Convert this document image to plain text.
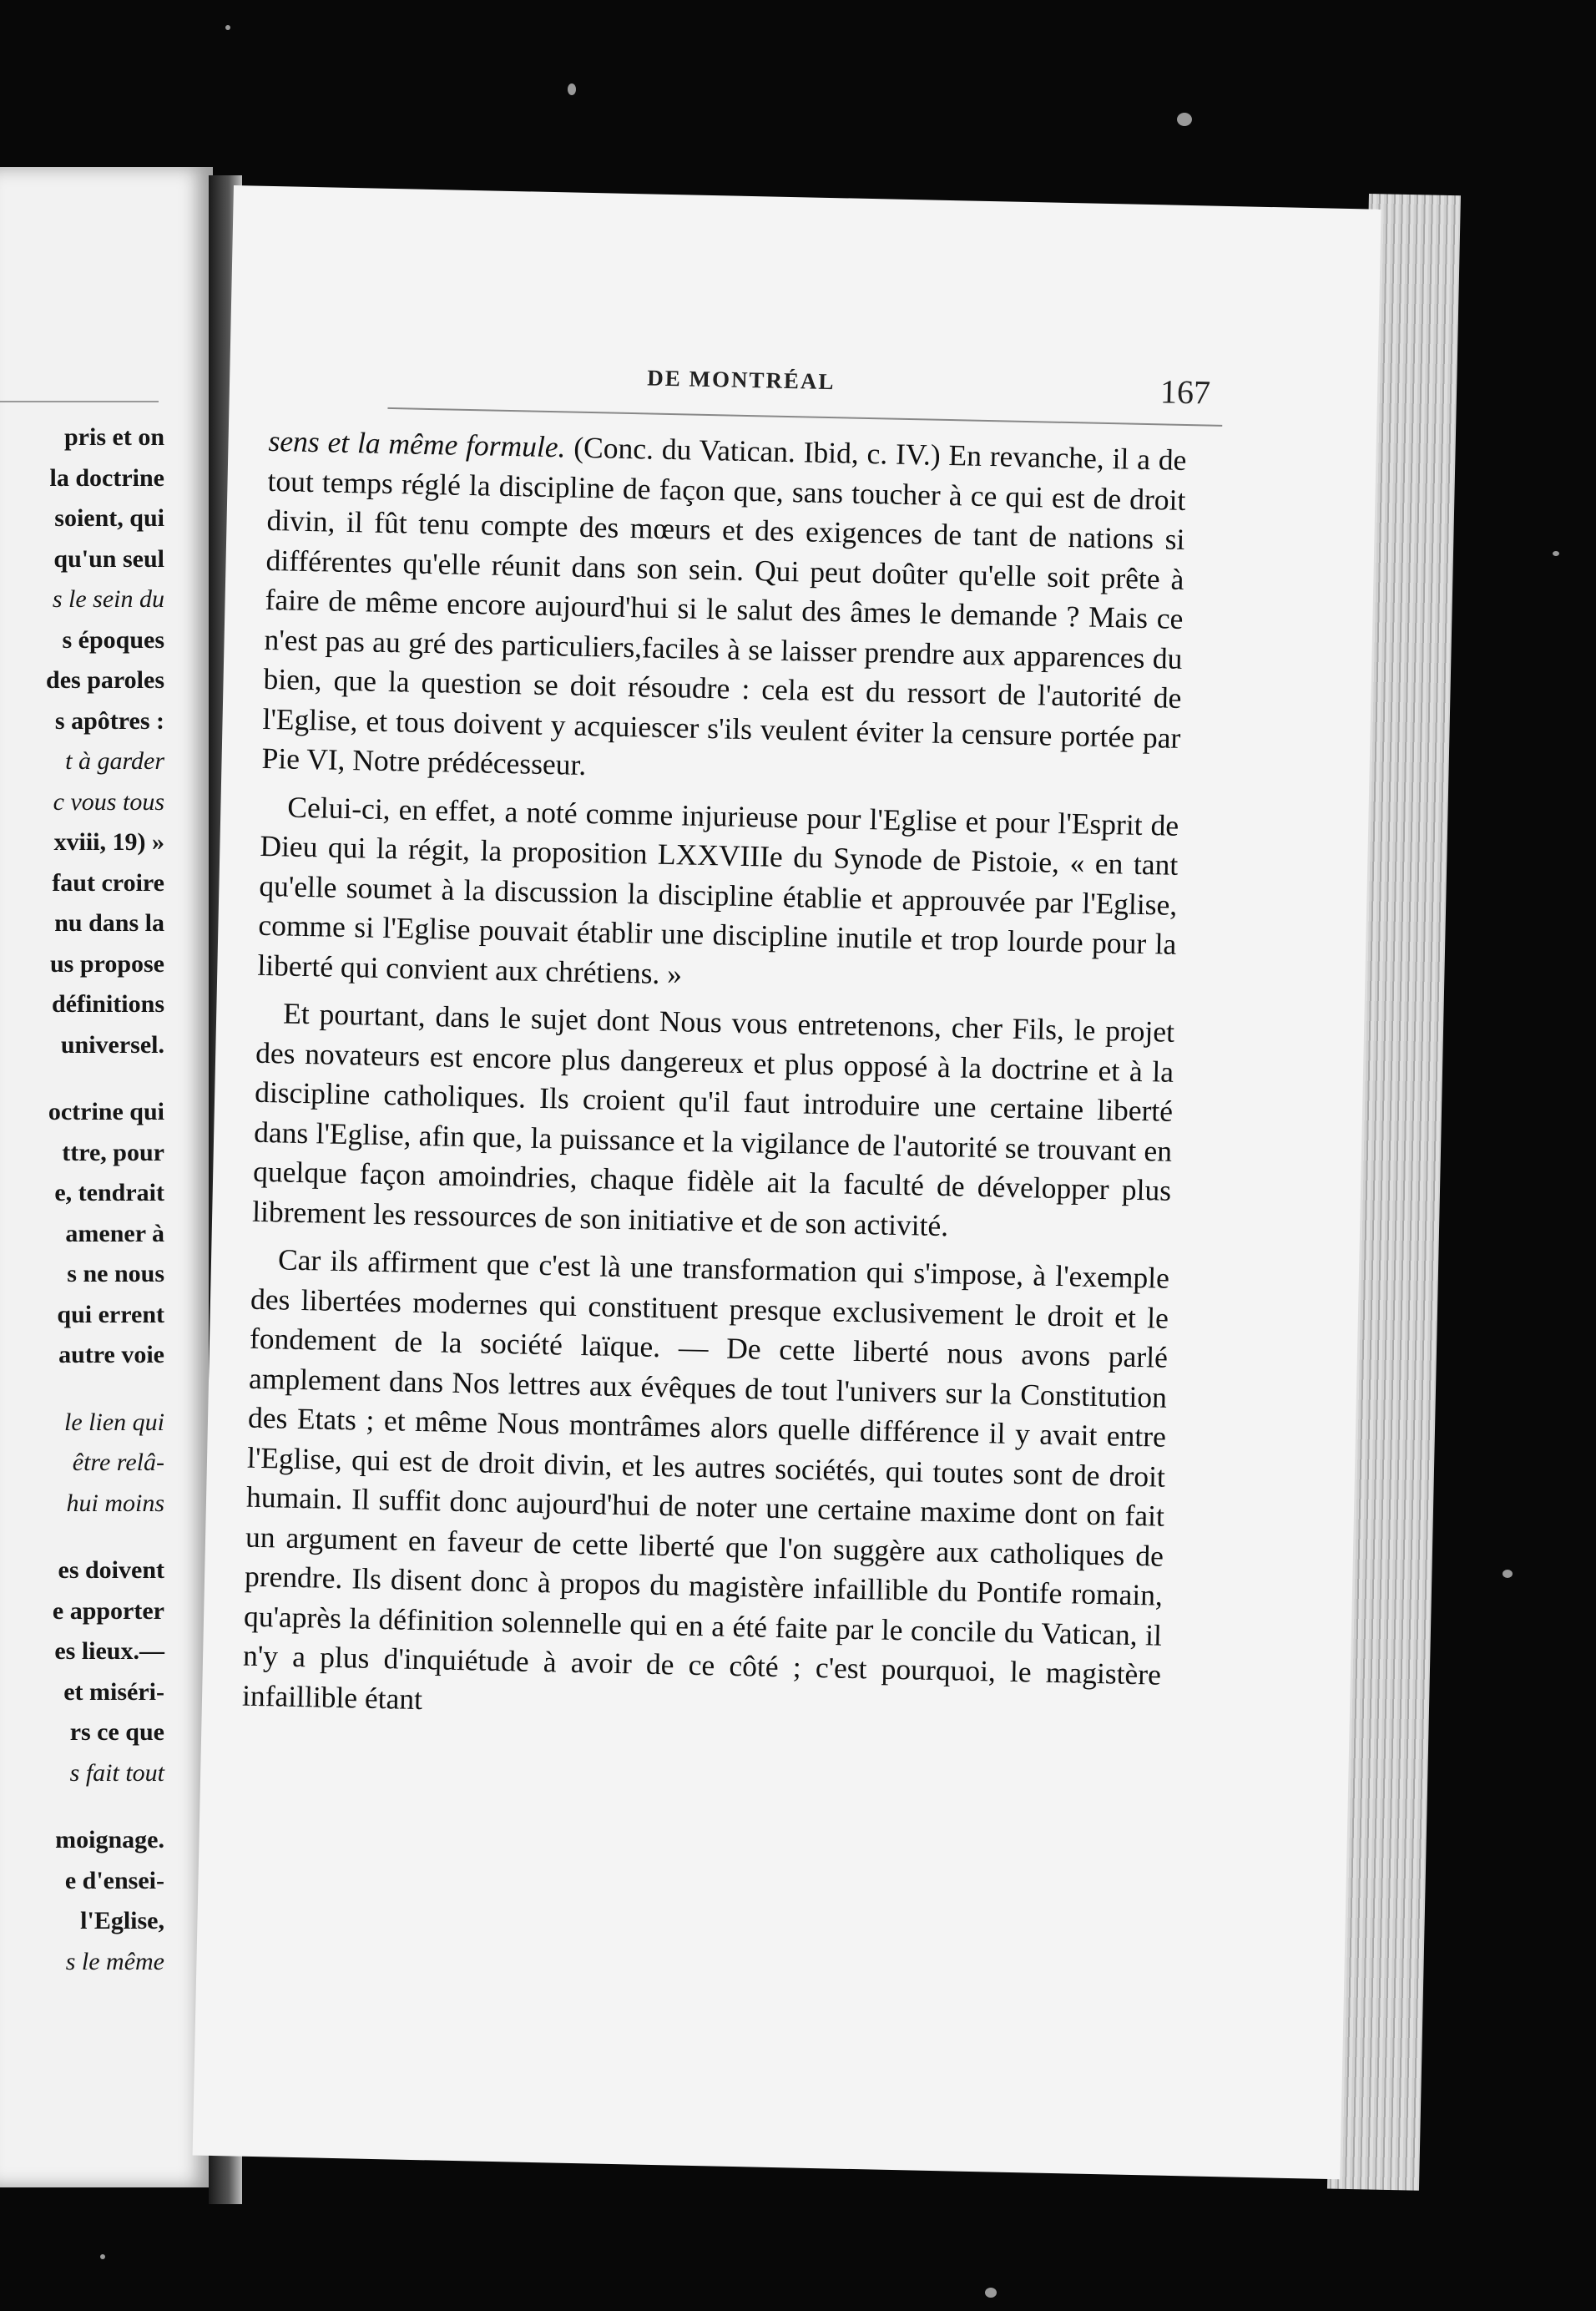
pris et on
la doctrine
soient, qui
qu'un seul
s le sein du
s époques
des paroles
s apôtres :
t à garder
c vous tous
xviii, 19) »
faut croire
nu dans la
us propose
définitions
universel.
octrine qui
ttre, pour
e, tendrait
amener à
s ne nous
qui errent
autre voie
le lien qui
être relâ-
hui moins
es doivent
e apporter
es lieux.—
et miséri-
rs ce que
s fait tout
moignage.
e d'ensei-
l'Eglise,
s le même
DE MONTRÉAL	167

sens et la même formule. (Conc. du Vatican. Ibid, c. IV.) En revanche, il a de tout temps réglé la discipline de façon que, sans toucher à ce qui est de droit divin, il fût tenu compte des mœurs et des exigences de tant de nations si différentes qu'elle réunit dans son sein. Qui peut doûter qu'elle soit prête à faire de même encore aujourd'hui si le salut des âmes le demande ? Mais ce n'est pas au gré des particuliers,faciles à se laisser prendre aux apparences du bien, que la question se doit résoudre : cela est du ressort de l'autorité de l'Eglise, et tous doivent y acquiescer s'ils veulent éviter la censure portée par Pie VI, Notre prédécesseur.

Celui-ci, en effet, a noté comme injurieuse pour l'Eglise et pour l'Esprit de Dieu qui la régit, la proposition LXXVIIIe du Synode de Pistoie, « en tant qu'elle soumet à la discussion la discipline établie et approuvée par l'Eglise, comme si l'Eglise pouvait établir une discipline inutile et trop lourde pour la liberté qui convient aux chrétiens. »

Et pourtant, dans le sujet dont Nous vous entretenons, cher Fils, le projet des novateurs est encore plus dangereux et plus opposé à la doctrine et à la discipline catholiques. Ils croient qu'il faut introduire une certaine liberté dans l'Eglise, afin que, la puissance et la vigilance de l'autorité se trouvant en quelque façon amoindries, chaque fidèle ait la faculté de développer plus librement les ressources de son initiative et de son activité.

Car ils affirment que c'est là une transformation qui s'impose, à l'exemple des libertées modernes qui constituent presque exclusivement le droit et le fondement de la société laïque. — De cette liberté nous avons parlé amplement dans Nos lettres aux évêques de tout l'univers sur la Constitution des Etats ; et même Nous montrâmes alors quelle différence il y avait entre l'Eglise, qui est de droit divin, et les autres sociétés, qui toutes sont de droit humain. Il suffit donc aujourd'hui de noter une certaine maxime dont on fait un argument en faveur de cette liberté que l'on suggère aux catholiques de prendre. Ils disent donc à propos du magistère infaillible du Pontife romain, qu'après la définition solennelle qui en a été faite par le concile du Vatican, il n'y a plus d'inquiétude à avoir de ce côté ; c'est pourquoi, le magistère infaillible étant
